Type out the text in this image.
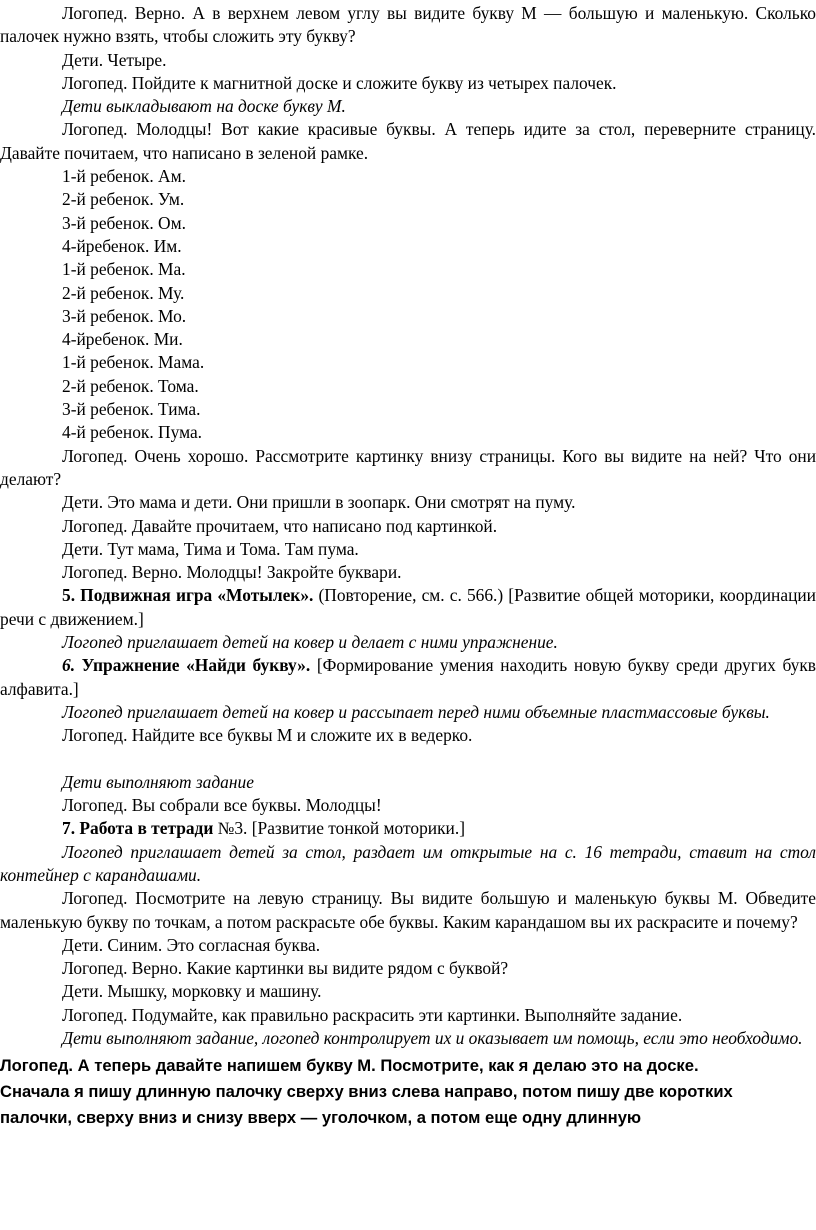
Логопед. Верно. А в верхнем левом углу вы видите букву М — большую и маленькую. Сколько палочек нужно взять, чтобы сложить эту букву?

Дети. Четыре.

Логопед. Пойдите к магнитной доске и сложите букву из четырех палочек.

Дети выкладывают на доске букву М.

Логопед. Молодцы! Вот какие красивые буквы. А теперь идите за стол, переверните страницу. Давайте почитаем, что написано в зеленой рамке.

1-й ребенок. Ам.

2-й ребенок. Ум.

3-й ребенок. Ом.

4-йребенок. Им.

1-й ребенок. Ма.

2-й ребенок. Му.

3-й ребенок. Мо.

4-йребенок. Ми.

1-й ребенок. Мама.

2-й ребенок. Тома.

3-й ребенок. Тима.

4-й ребенок. Пума.

Логопед. Очень хорошо. Рассмотрите картинку внизу страницы. Кого вы видите на ней? Что они делают?

Дети. Это мама и дети. Они пришли в зоопарк. Они смотрят на пуму.

Логопед. Давайте прочитаем, что написано под картинкой.

Дети. Тут мама, Тима и Тома. Там пума.

Логопед. Верно. Молодцы! Закройте буквари.

5. Подвижная игра «Мотылек». (Повторение, см. с. 566.) [Развитие общей моторики, координации речи с движением.]

Логопед приглашает детей на ковер и делает с ними упражнение.

6. Упражнение «Найди букву». [Формирование умения находить новую букву среди других букв алфавита.]

Логопед приглашает детей на ковер и рассыпает перед ними объемные пластмассовые буквы.

Логопед. Найдите все буквы М и сложите их в ведерко.

Дети выполняют задание

Логопед. Вы собрали все буквы. Молодцы!

7. Работа в тетради №3. [Развитие тонкой моторики.]

Логопед приглашает детей за стол, раздает им открытые на с. 16 тетради, ставит на стол контейнер с карандашами.

Логопед. Посмотрите на левую страницу. Вы видите большую и маленькую буквы М. Обведите маленькую букву по точкам, а потом раскрасьте обе буквы. Каким карандашом вы их раскрасите и почему?

Дети. Синим. Это согласная буква.

Логопед. Верно. Какие картинки вы видите рядом с буквой?

Дети. Мышку, морковку и машину.

Логопед. Подумайте, как правильно раскрасить эти картинки. Выполняйте задание.

Дети выполняют задание, логопед контролирует их и оказывает им помощь, если это необходимо.

Логопед. А теперь давайте напишем букву М. Посмотрите, как я делаю это на доске.
Сначала я пишу длинную палочку сверху вниз слева направо, потом пишу две коротких
палочки, сверху вниз и снизу вверх — уголочком, а потом еще одну длинную
